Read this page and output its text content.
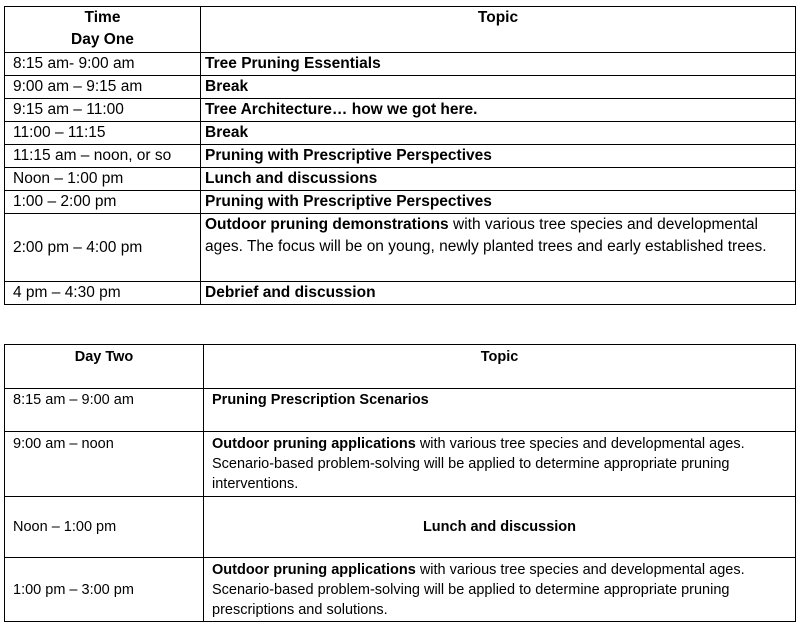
Time
Day One	Topic
8:15 am- 9:00 am	Tree Pruning Essentials
9:00 am – 9:15 am	Break
9:15 am – 11:00	Tree Architecture… how we got here.
11:00 – 11:15	Break
11:15 am – noon, or so	Pruning with Prescriptive Perspectives
Noon – 1:00 pm	Lunch and discussions
1:00 – 2:00 pm	Pruning with Prescriptive Perspectives
2:00 pm – 4:00 pm	Outdoor pruning demonstrations with various tree species and developmental ages. The focus will be on young, newly planted trees and early established trees.
4 pm – 4:30 pm	Debrief and discussion
Day Two	Topic
8:15 am – 9:00 am	Pruning Prescription Scenarios
9:00 am – noon	Outdoor pruning applications with various tree species and developmental ages. Scenario-based problem-solving will be applied to determine appropriate pruning interventions.
Noon – 1:00 pm	Lunch and discussion
1:00 pm – 3:00 pm	Outdoor pruning applications with various tree species and developmental ages. Scenario-based problem-solving will be applied to determine appropriate pruning prescriptions and solutions.
